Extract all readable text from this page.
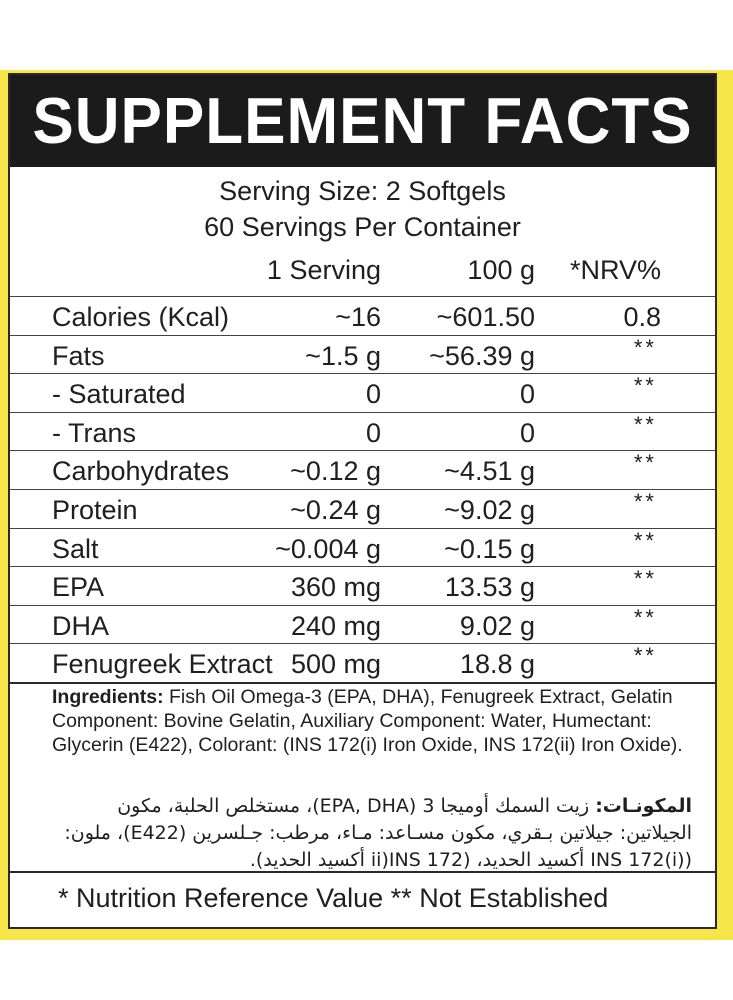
SUPPLEMENT FACTS
Serving Size: 2 Softgels
60 Servings Per Container
1 Serving	100 g *NRV%
Calories (Kcal)	~16 ~601.50	0.8
Fats	~1.5 g ~56.39 g	**
- Saturated	0	0	**
- Trans	0	0	**
Carbohydrates ~0.12 g ~4.51 g	**
Protein	~0.24 g ~9.02 g	**
Salt	~0.004 g ~0.15 g	**
EPA	360 mg 13.53 g	**
DHA	240 mg	9.02 g	**
Fenugreek Extract 500 mg	18.8 g	**
Ingredients: Fish Oil Omega-3 (EPA, DHA), Fenugreek Extract, Gelatin Component: Bovine Gelatin, Auxiliary Component: Water, Humectant: Glycerin (E422), Colorant: (INS 172(i) Iron Oxide, INS 172(ii) Iron Oxide).
المكونـات: زيت السمك أوميجا 3 (EPA, DHA)، مستخلص الحلبة، مكون الجيلاتين: جيلاتين بـقري، مكون مسـاعد: مـاء، مرطب: جـلسرين (E422)، ملون: ((INS 172(i أكسيد الحديد، (INS 172(ii أكسيد الحديد).
* Nutrition Reference Value ** Not Established
